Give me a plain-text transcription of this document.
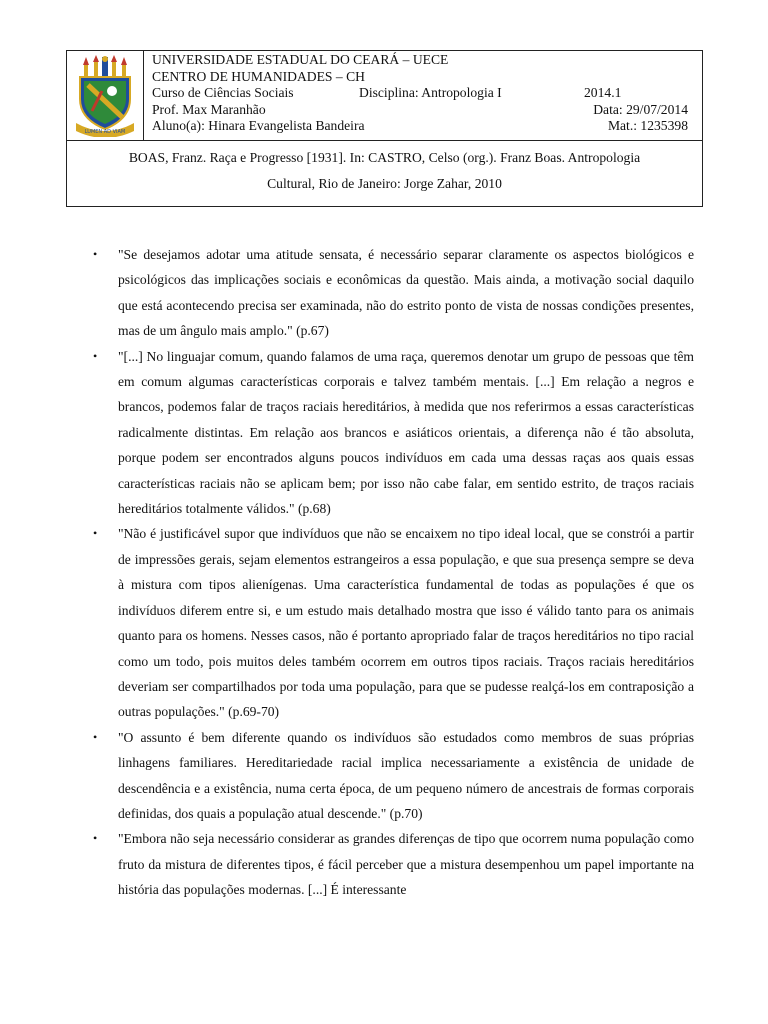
LUMEN AD VIAM
UNIVERSIDADE ESTADUAL DO CEARÁ – UECE
CENTRO DE HUMANIDADES – CH
Curso de Ciências Sociais	Disciplina: Antropologia I	2014.1
Prof. Max Maranhão	Data: 29/07/2014
Aluno(a): Hinara Evangelista Bandeira	Mat.: 1235398
BOAS, Franz. Raça e Progresso [1931]. In: CASTRO, Celso (org.). Franz Boas. Antropologia
Cultural, Rio de Janeiro: Jorge Zahar, 2010

• "Se desejamos adotar uma atitude sensata, é necessário separar claramente os aspectos biológicos e psicológicos das implicações sociais e econômicas da questão. Mais ainda, a motivação social daquilo que está acontecendo precisa ser examinada, não do estrito ponto de vista de nossas condições presentes, mas de um ângulo mais amplo." (p.67)

• "[...] No linguajar comum, quando falamos de uma raça, queremos denotar um grupo de pessoas que têm em comum algumas características corporais e talvez também mentais. [...] Em relação a negros e brancos, podemos falar de traços raciais hereditários, à medida que nos referirmos a essas características radicalmente distintas. Em relação aos brancos e asiáticos orientais, a diferença não é tão absoluta, porque podem ser encontrados alguns poucos indivíduos em cada uma dessas raças aos quais essas características raciais não se aplicam bem; por isso não cabe falar, em sentido estrito, de traços raciais hereditários totalmente válidos." (p.68)

• "Não é justificável supor que indivíduos que não se encaixem no tipo ideal local, que se constrói a partir de impressões gerais, sejam elementos estrangeiros a essa população, e que sua presença sempre se deva à mistura com tipos alienígenas. Uma característica fundamental de todas as populações é que os indivíduos diferem entre si, e um estudo mais detalhado mostra que isso é válido tanto para os animais quanto para os homens. Nesses casos, não é portanto apropriado falar de traços hereditários no tipo racial como um todo, pois muitos deles também ocorrem em outros tipos raciais. Traços raciais hereditários deveriam ser compartilhados por toda uma população, para que se pudesse realçá-los em contraposição a outras populações." (p.69-70)

• "O assunto é bem diferente quando os indivíduos são estudados como membros de suas próprias linhagens familiares. Hereditariedade racial implica necessariamente a existência de unidade de descendência e a existência, numa certa época, de um pequeno número de ancestrais de formas corporais definidas, dos quais a população atual descende." (p.70)

• "Embora não seja necessário considerar as grandes diferenças de tipo que ocorrem numa população como fruto da mistura de diferentes tipos, é fácil perceber que a mistura desempenhou um papel importante na história das populações modernas. [...] É interessante
